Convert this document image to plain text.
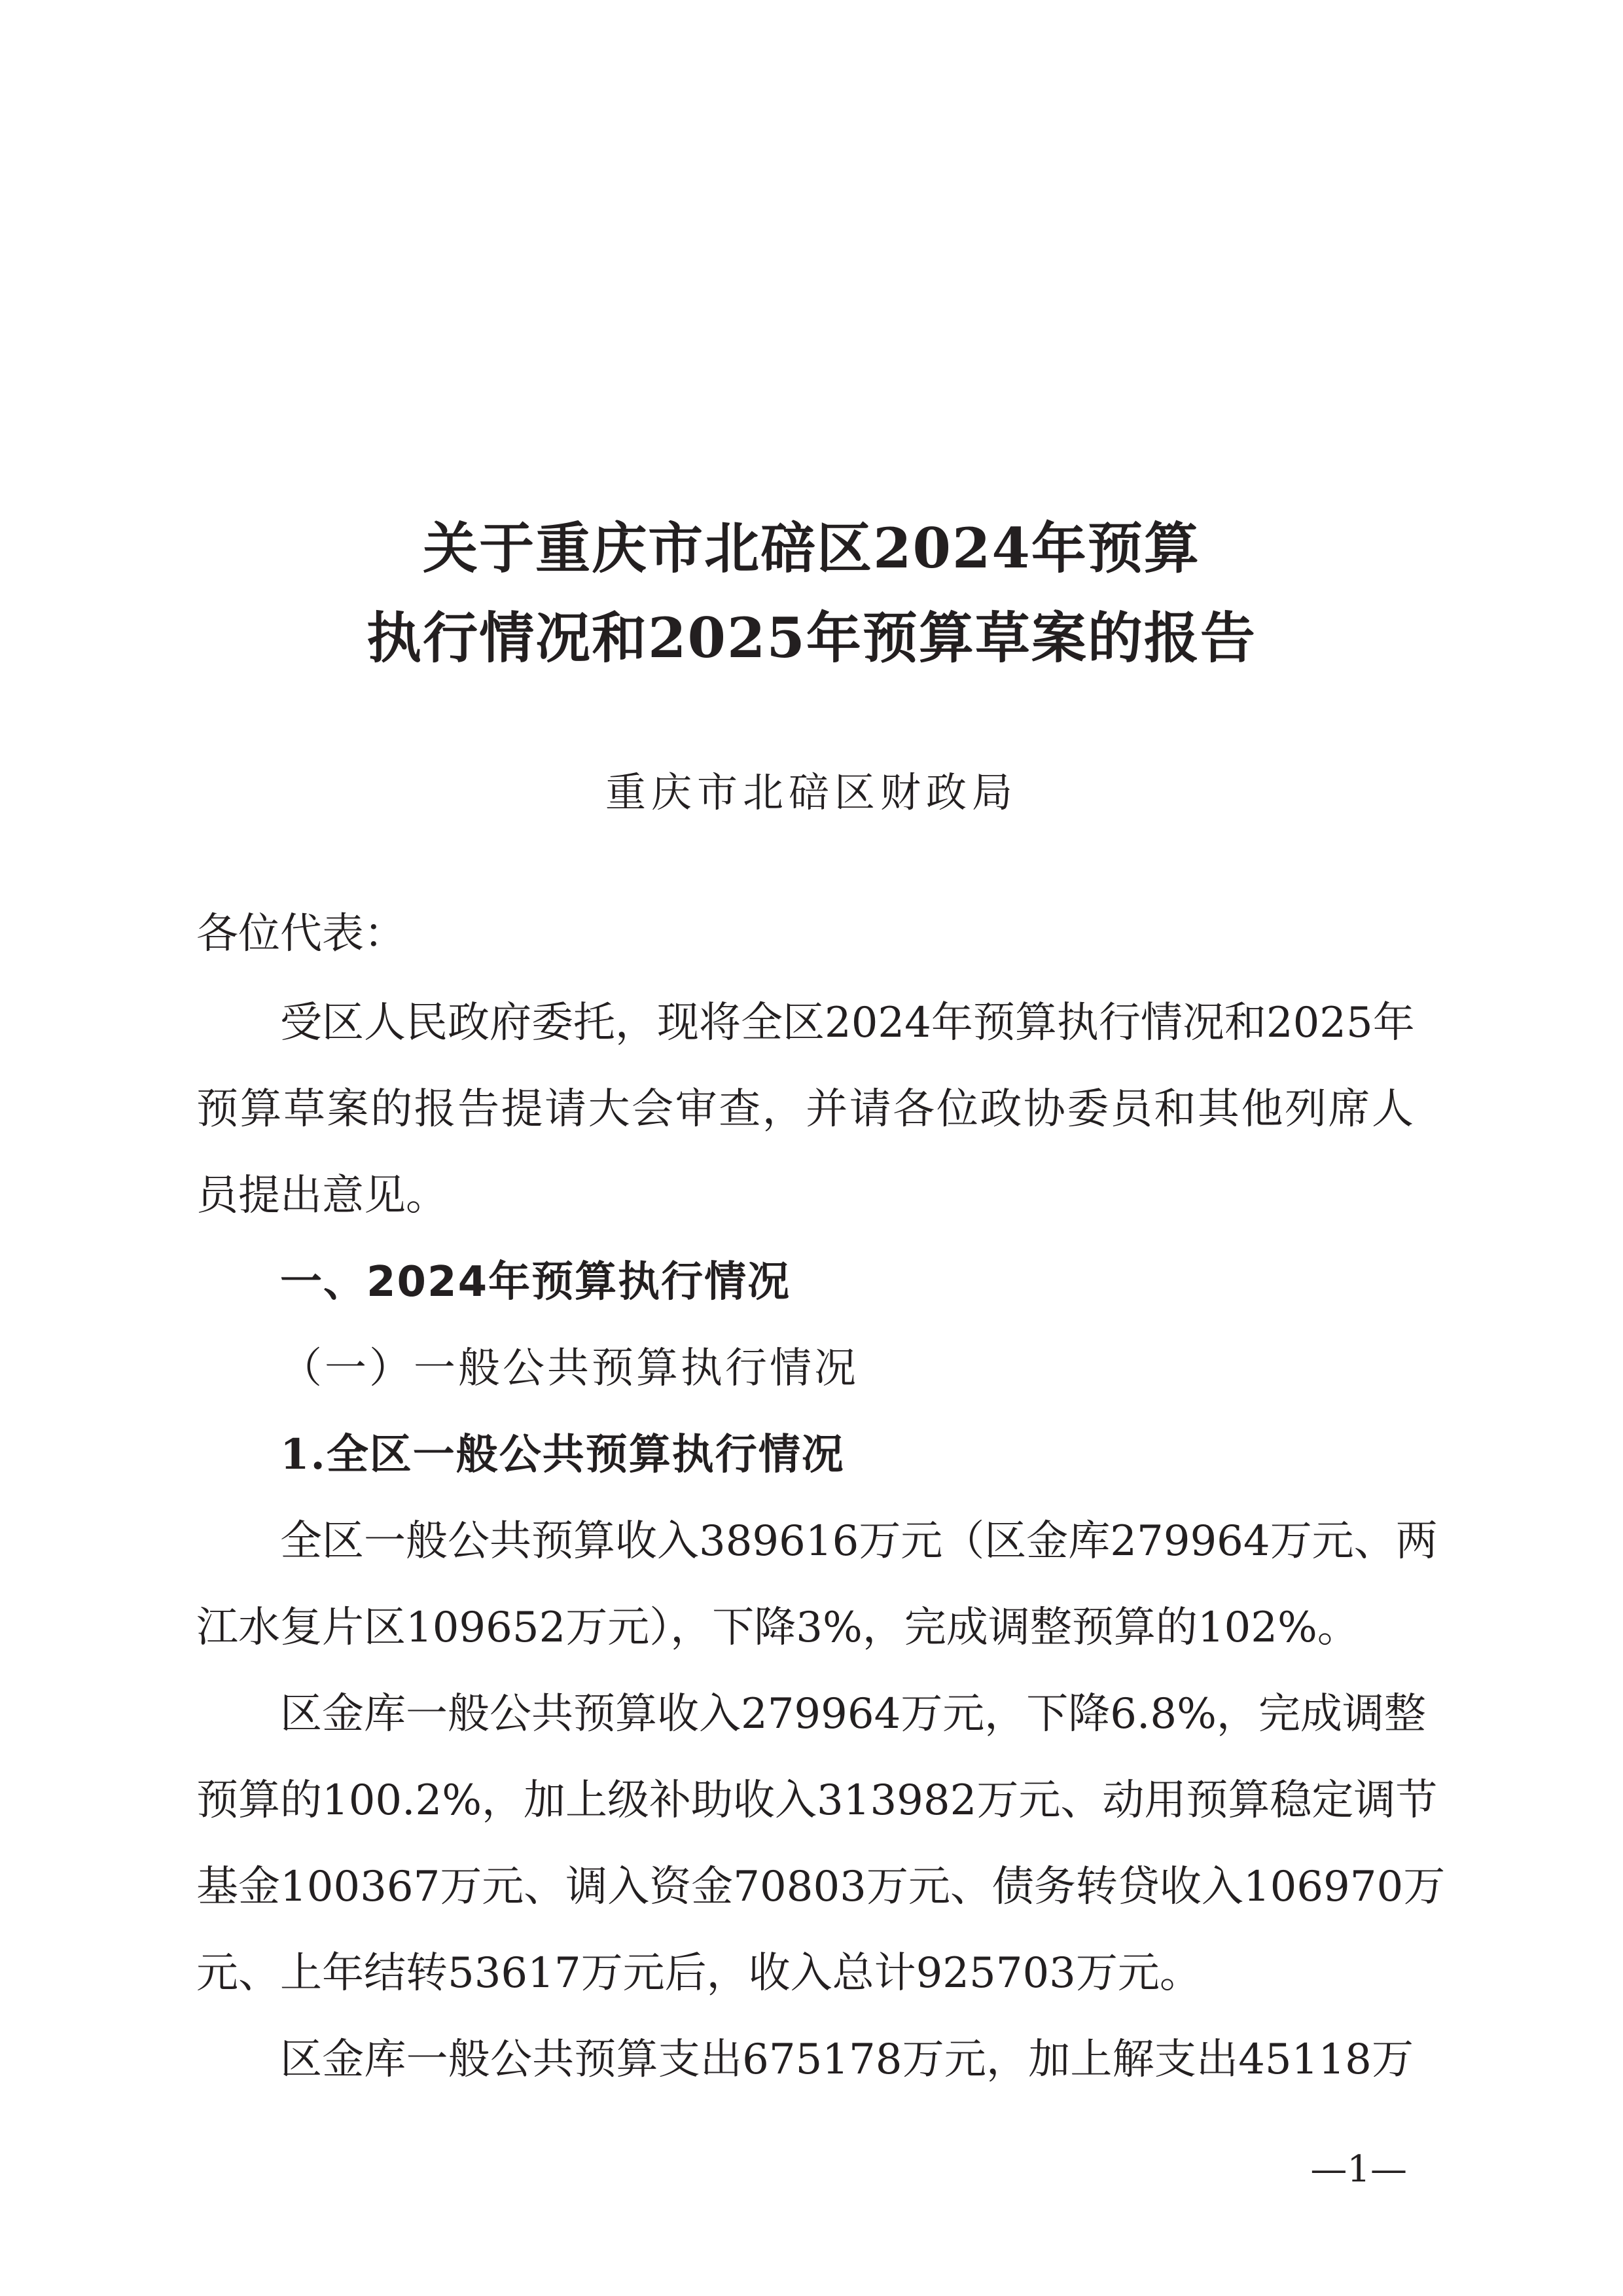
关于重庆市北碚区2024年预算
执行情况和2025年预算草案的报告
重庆市北碚区财政局
各位代表：
受区人民政府委托，现将全区2024年预算执行情况和2025年
预算草案的报告提请大会审查，并请各位政协委员和其他列席人
员提出意见。
一、2024年预算执行情况
（一）一般公共预算执行情况
1.全区一般公共预算执行情况
全区一般公共预算收入389616万元（区金库279964万元、两
江水复片区109652万元），下降3%，完成调整预算的102%。
区金库一般公共预算收入279964万元，下降6.8%，完成调整
预算的100.2%，加上级补助收入313982万元、动用预算稳定调节
基金100367万元、调入资金70803万元、债务转贷收入106970万
元、上年结转53617万元后，收入总计925703万元。
区金库一般公共预算支出675178万元，加上解支出45118万
—1—
